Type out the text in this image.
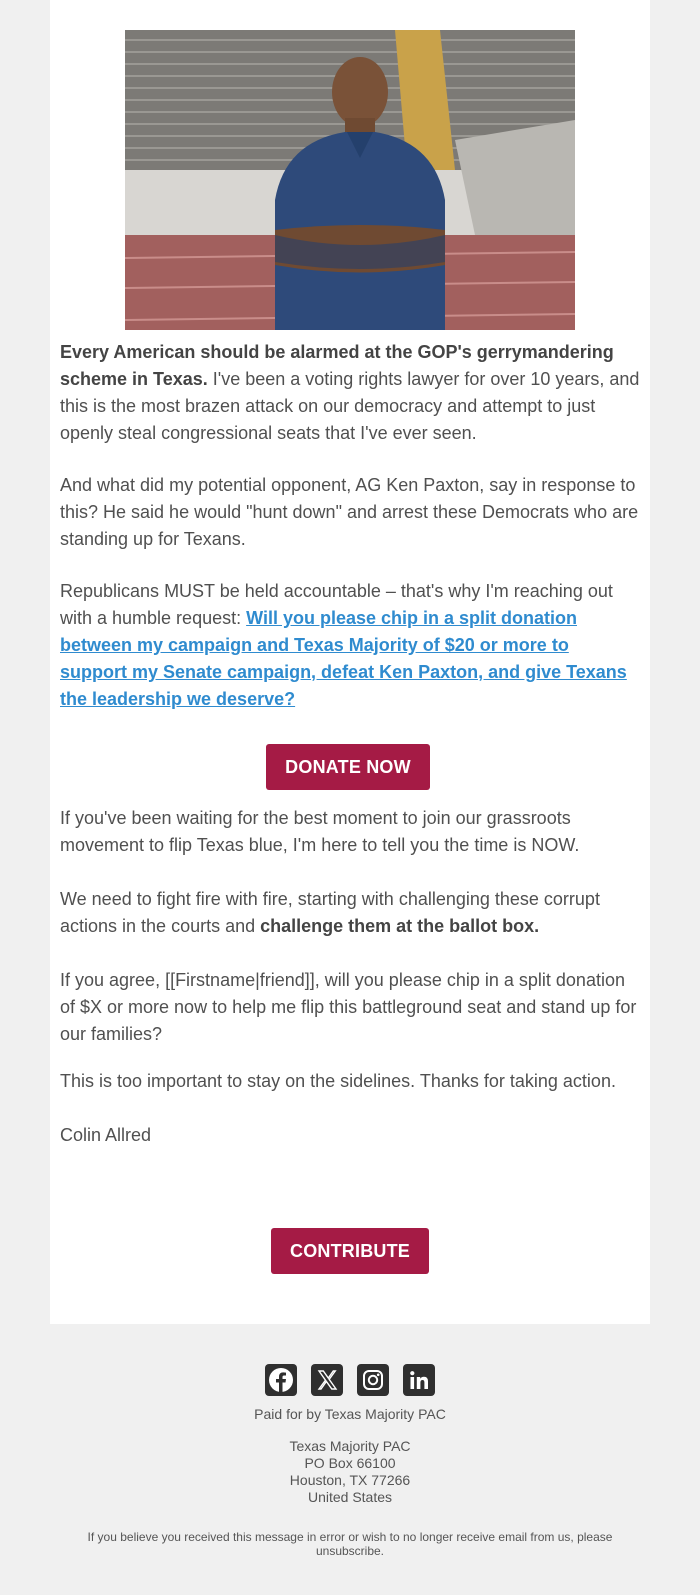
Every American should be alarmed at the GOP's gerrymandering scheme in Texas. I've been a voting rights lawyer for over 10 years, and this is the most brazen attack on our democracy and attempt to just openly steal congressional seats that I've ever seen.

And what did my potential opponent, AG Ken Paxton, say in response to this? He said he would "hunt down" and arrest these Democrats who are standing up for Texans.

Republicans MUST be held accountable – that's why I'm reaching out with a humble request: Will you please chip in a split donation between my campaign and Texas Majority of $20 or more to support my Senate campaign, defeat Ken Paxton, and give Texans the leadership we deserve?

DONATE NOW

If you've been waiting for the best moment to join our grassroots movement to flip Texas blue, I'm here to tell you the time is NOW.

We need to fight fire with fire, starting with challenging these corrupt actions in the courts and challenge them at the ballot box.

If you agree, [[Firstname|friend]], will you please chip in a split donation of $X or more now to help me flip this battleground seat and stand up for our families?

This is too important to stay on the sidelines. Thanks for taking action.

Colin Allred

CONTRIBUTE
Paid for by Texas Majority PAC
Texas Majority PAC
PO Box 66100
Houston, TX 77266
United States
If you believe you received this message in error or wish to no longer receive email from us, please
unsubscribe.
